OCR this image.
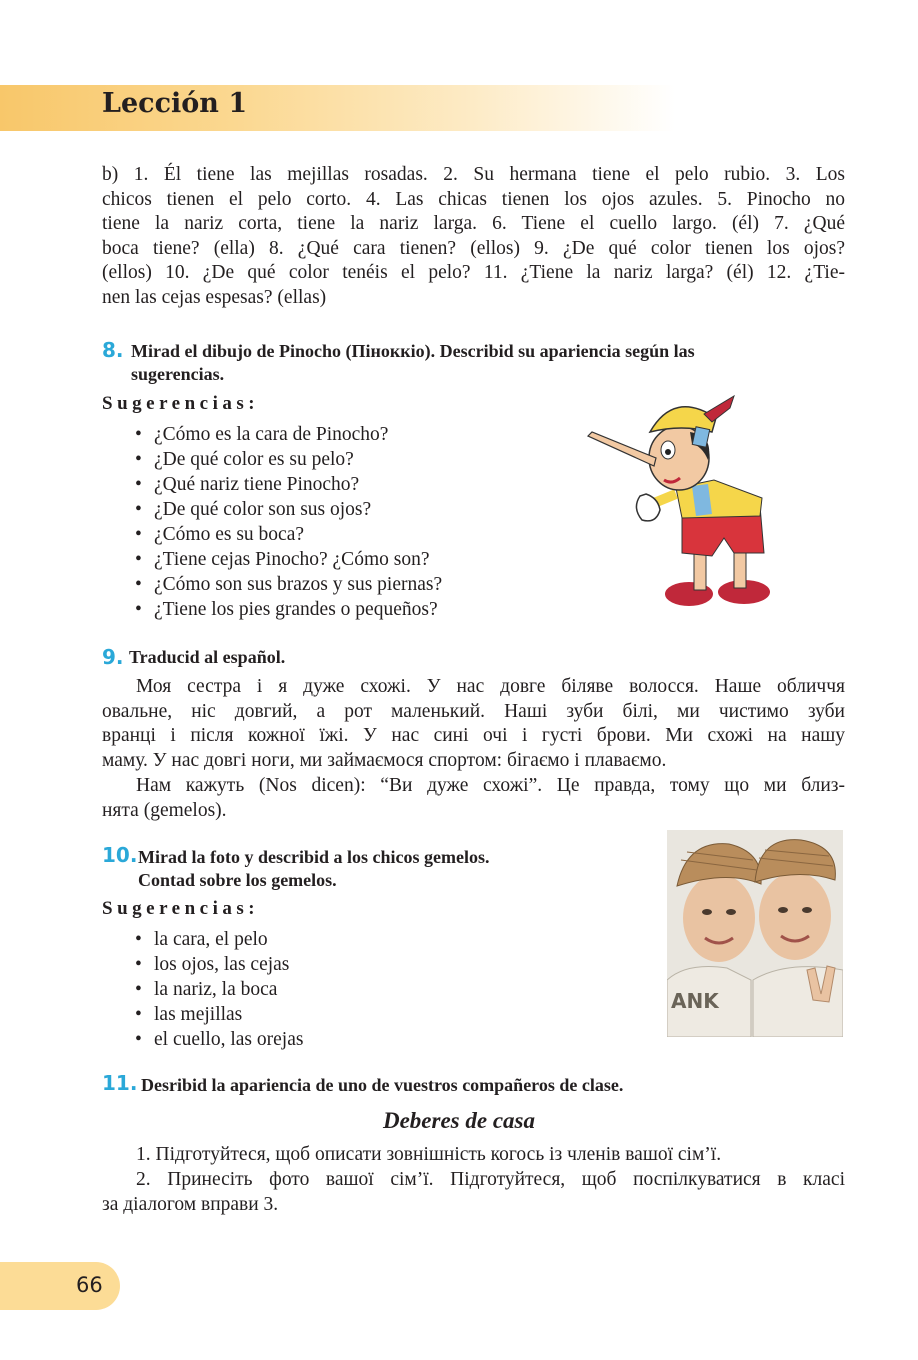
Lección 1
b) 1. Él tiene las mejillas rosadas. 2. Su hermana tiene el pelo rubio. 3. Los
chicos tienen el pelo corto. 4. Las chicas tienen los ojos azules. 5. Pinocho no
tiene la nariz corta, tiene la nariz larga. 6. Tiene el cuello largo. (él) 7. ¿Qué
boca tiene? (ella) 8. ¿Qué cara tienen? (ellos) 9. ¿De qué color tienen los ojos?
(ellos) 10. ¿De qué color tenéis el pelo? 11. ¿Tiene la nariz larga? (él) 12. ¿Tie-
nen las cejas espesas? (ellas)
8. Mirad el dibujo de Pinocho (Пiноккiо). Describid su apariencia según las
sugerencias.
Sugerencias:
• ¿Cómo es la cara de Pinocho?
• ¿De qué color es su pelo?
• ¿Qué nariz tiene Pinocho?
• ¿De qué color son sus ojos?
• ¿Cómo es su boca?
• ¿Tiene cejas Pinocho? ¿Cómo son?
• ¿Cómo son sus brazos y sus piernas?
• ¿Tiene los pies grandes o pequeños?
9. Traducid al español.
Моя сестра і я дуже схожі. У нас довге біляве волосся. Наше обличчя
овальне, ніс довгий, а рот маленький. Наші зуби білі, ми чистимо зуби
вранці і після кожної їжі. У нас сині очі і густі брови. Ми схожі на нашу
маму. У нас довгі ноги, ми займаємося спортом: бігаємо і плаваємо.
Нам кажуть (Nos dicen): “Ви дуже схожі”. Це правда, тому що ми близ-
нята (gemelos).
10. Mirad la foto y describid a los chicos gemelos.
Contad sobre los gemelos.
Sugerencias:
• la cara, el pelo
• los ojos, las cejas
• la nariz, la boca
• las mejillas
• el cuello, las orejas
ANK
11. Desribid la apariencia de uno de vuestros compañeros de clase.
Deberes de casa
1. Підготуйтеся, щоб описати зовнішність когось із членів вашої сім’ї.
2. Принесіть фото вашої сім’ї. Підготуйтеся, щоб поспілкуватися в класі
за діалогом вправи 3.
66
